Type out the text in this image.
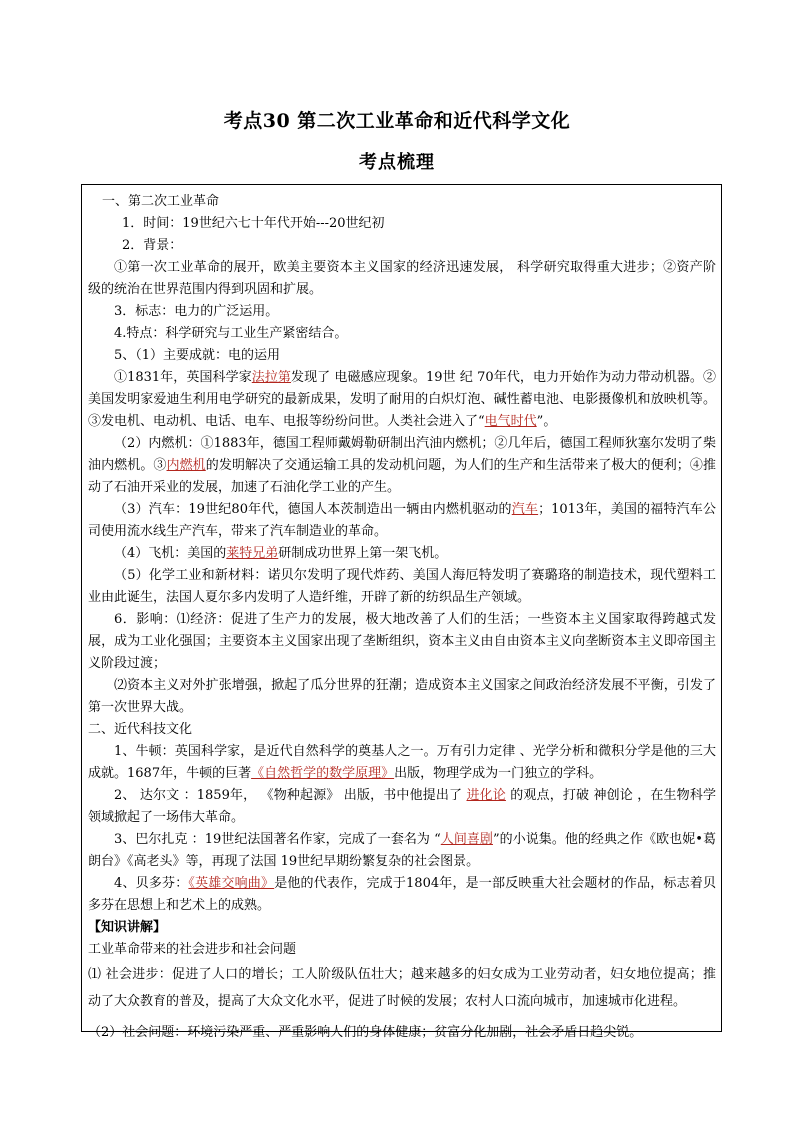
考点30 第二次工业革命和近代科学文化
考点梳理

一、第二次工业革命

1．时间：19世纪六七十年代开始---20世纪初

2．背景：

①第一次工业革命的展开，欧美主要资本主义国家的经济迅速发展， 科学研究取得重大进步；②资产阶级的统治在世界范围内得到巩固和扩展。

3．标志：电力的广泛运用。

4.特点：科学研究与工业生产紧密结合。

5、（1）主要成就：电的运用

①1831年，英国科学家法拉第发现了 电磁感应现象。19世 纪 70年代，电力开始作为动力带动机器。②美国发明家爱迪生利用电学研究的最新成果，发明了耐用的白炽灯泡、碱性蓄电池、电影摄像机和放映机等。③发电机、电动机、电话、电车、电报等纷纷问世。人类社会进入了“电气时代”。

（2）内燃机：①1883年，德国工程师戴姆勒研制出汽油内燃机；②几年后，德国工程师狄塞尔发明了柴油内燃机。③内燃机的发明解决了交通运输工具的发动机问题，为人们的生产和生活带来了极大的便利；④推动了石油开采业的发展，加速了石油化学工业的产生。

（3）汽车：19世纪80年代，德国人本茨制造出一辆由内燃机驱动的汽车；1013年，美国的福特汽车公司使用流水线生产汽车，带来了汽车制造业的革命。

（4）飞机：美国的莱特兄弟研制成功世界上第一架飞机。

（5）化学工业和新材料：诺贝尔发明了现代炸药、美国人海厄特发明了赛璐珞的制造技术，现代塑料工业由此诞生，法国人夏尔多内发明了人造纤维，开辟了新的纺织品生产领域。

6．影响：⑴经济：促进了生产力的发展，极大地改善了人们的生活；一些资本主义国家取得跨越式发展，成为工业化强国；主要资本主义国家出现了垄断组织，资本主义由自由资本主义向垄断资本主义即帝国主义阶段过渡；

⑵资本主义对外扩张增强，掀起了瓜分世界的狂潮；造成资本主义国家之间政治经济发展不平衡，引发了第一次世界大战。

二、近代科技文化

1、牛顿：英国科学家，是近代自然科学的奠基人之一。万有引力定律 、光学分析和微积分学是他的三大成就。1687年，牛顿的巨著《自然哲学的数学原理》出版，物理学成为一门独立的学科。

2、 达尔文 ：1859年， 《物种起源》 出版，书中他提出了 进化论 的观点，打破 神创论 ，在生物科学领域掀起了一场伟大革命。

3、巴尔扎克 ：19世纪法国著名作家，完成了一套名为 “人间喜剧”的小说集。他的经典之作《欧也妮•葛朗台》《高老头》等，再现了法国 19世纪早期纷繁复杂的社会图景。

4、贝多芬：《英雄交响曲》是他的代表作，完成于1804年，是一部反映重大社会题材的作品，标志着贝多芬在思想上和艺术上的成熟。

【知识讲解】

工业革命带来的社会进步和社会问题

⑴ 社会进步：促进了人口的增长；工人阶级队伍壮大；越来越多的妇女成为工业劳动者，妇女地位提高；推动了大众教育的普及，提高了大众文化水平，促进了时候的发展；农村人口流向城市，加速城市化进程。

（2）社会问题：环境污染严重、严重影响人们的身体健康；贫富分化加剧，社会矛盾日趋尖锐。
